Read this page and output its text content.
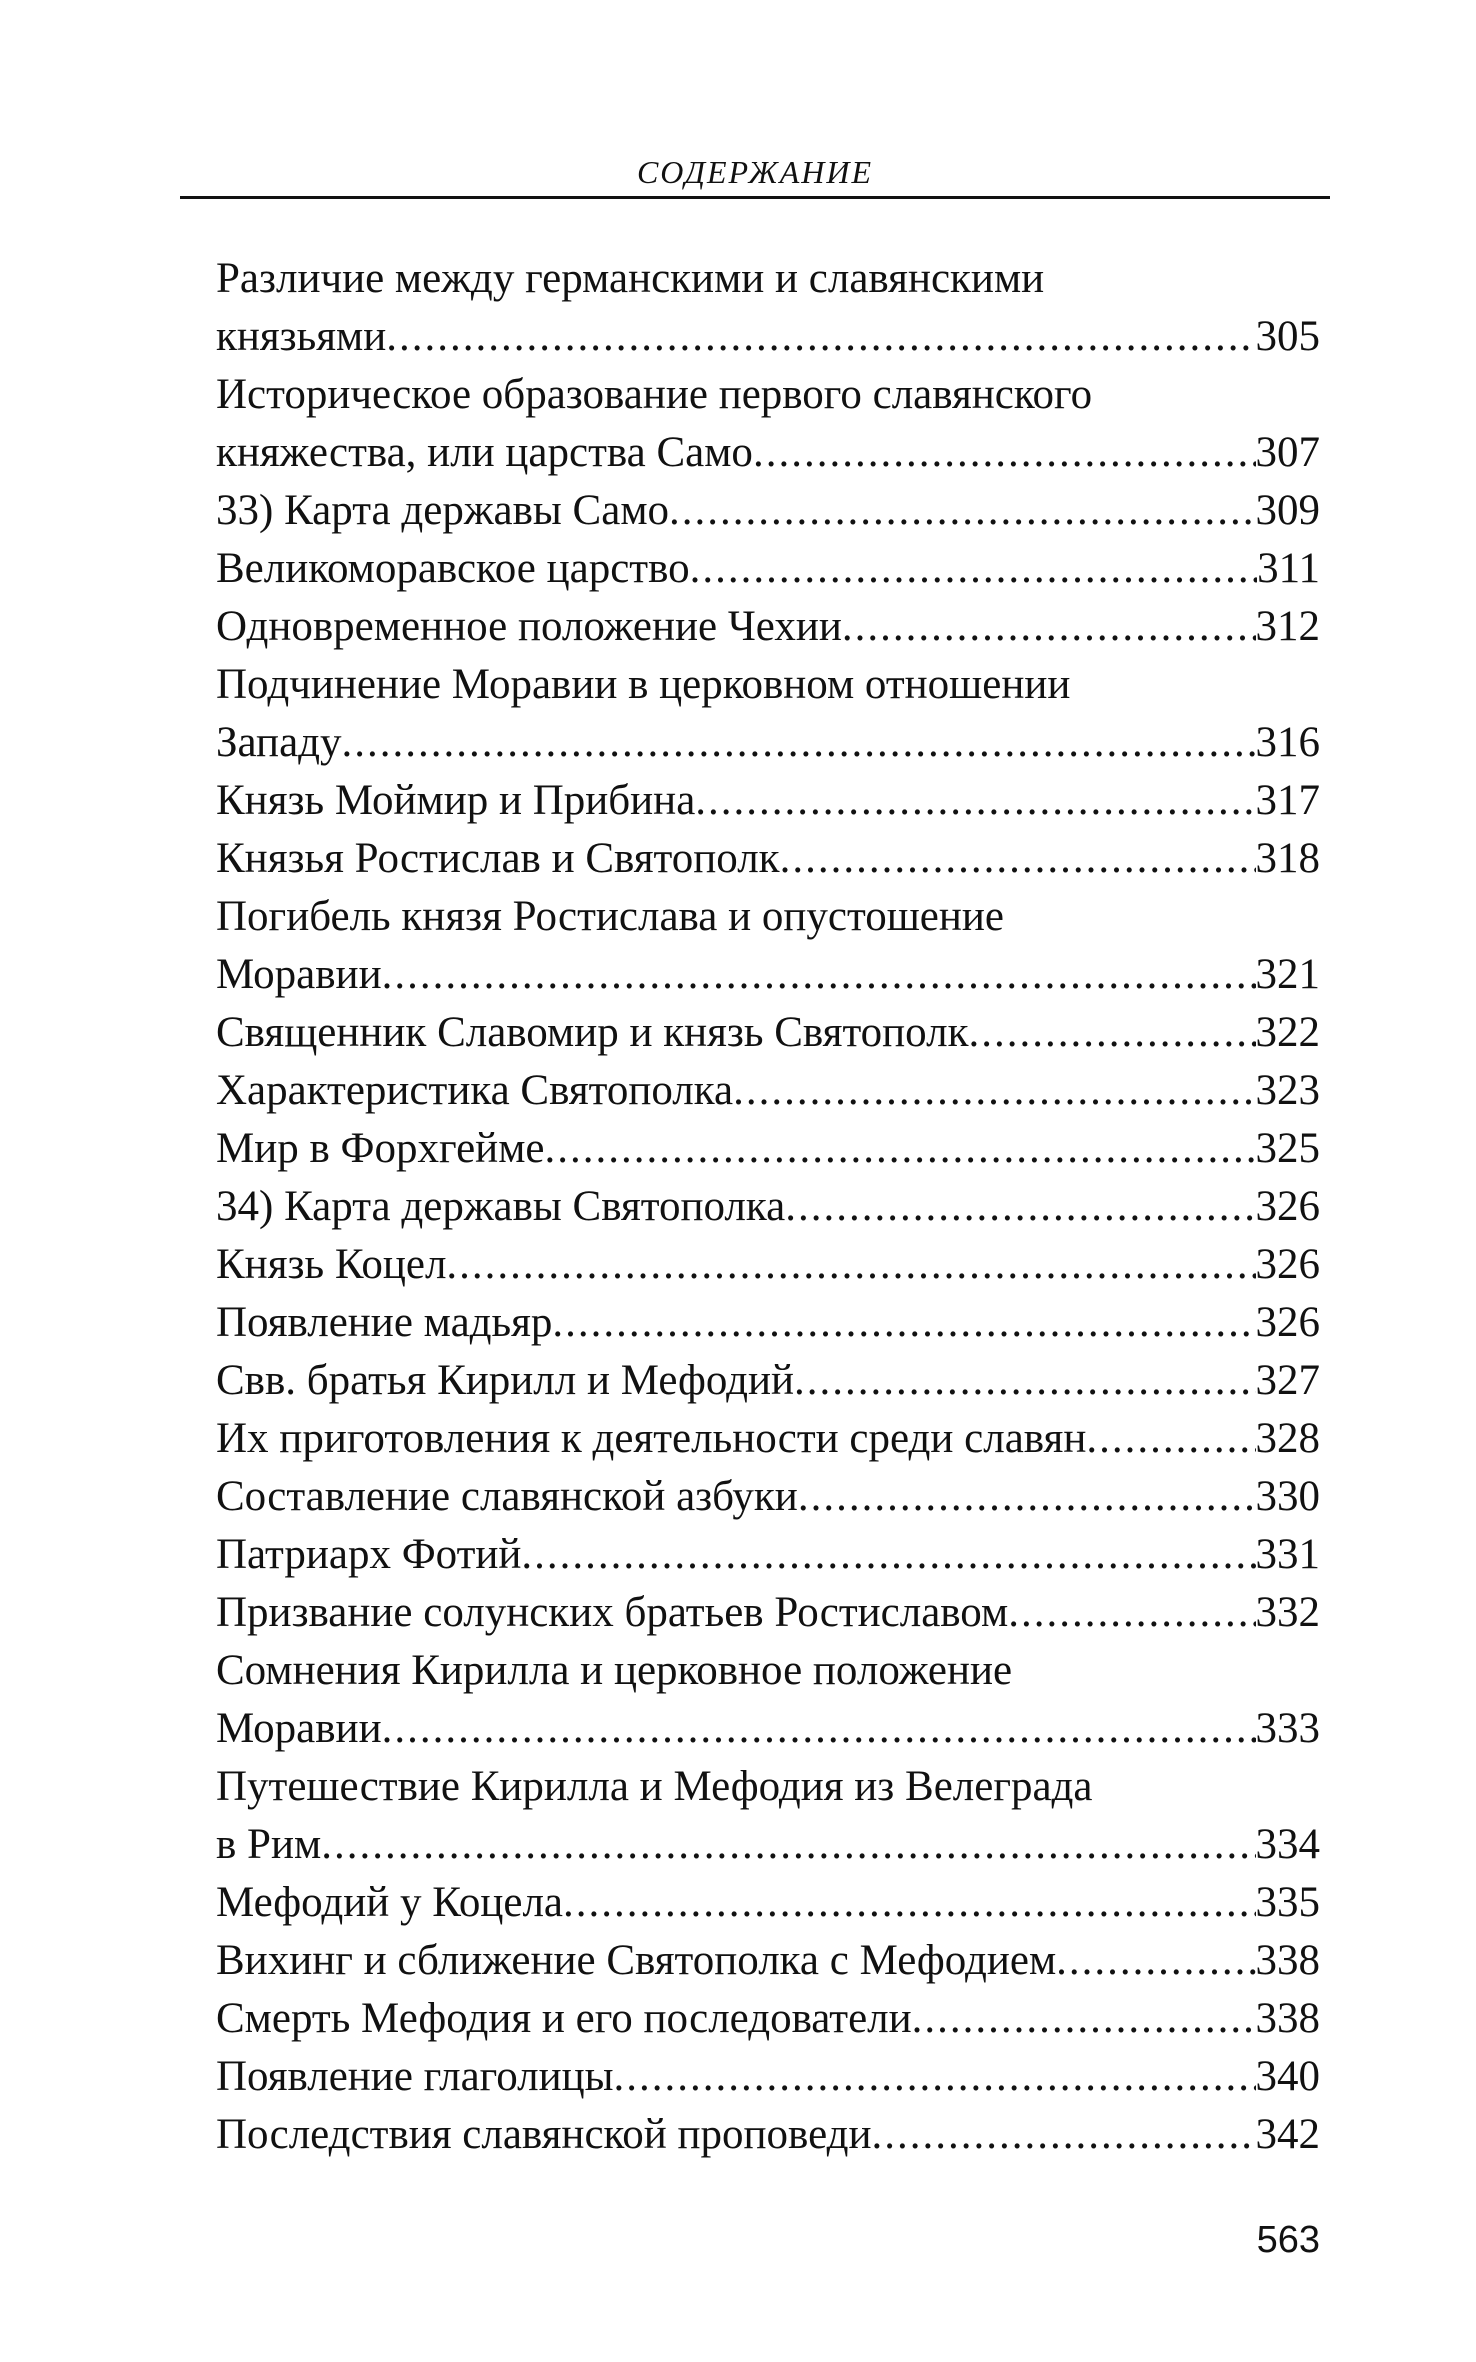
СОДЕРЖАНИЕ
Различие между германскими и славянскими
князьями .....	305
Историческое образование первого славянского
княжества, или царства Само .....	307
33) Карта державы Само .....	309
Великоморавское царство .....	311
Одновременное положение Чехии .....	312
Подчинение Моравии в церковном отношении
Западу .....	316
Князь Моймир и Прибина .....	317
Князья Ростислав и Святополк .....	318
Погибель князя Ростислава и опустошение
Моравии .....	321
Священник Славомир и князь Святополк .....	322
Характеристика Святополка .....	323
Мир в Форхгейме .....	325
34) Карта державы Святополка .....	326
Князь Коцел .....	326
Появление мадьяр .....	326
Свв. братья Кирилл и Мефодий .....	327
Их приготовления к деятельности среди славян .....	328
Составление славянской азбуки .....	330
Патриарх Фотий .....	331
Призвание солунских братьев Ростиславом .....	332
Сомнения Кирилла и церковное положение
Моравии .....	333
Путешествие Кирилла и Мефодия из Велеграда
в Рим .....	334
Мефодий у Коцела .....	335
Вихинг и сближение Святополка с Мефодием .....	338
Смерть Мефодия и его последователи .....	338
Появление глаголицы .....	340
Последствия славянской проповеди .....	342
563
